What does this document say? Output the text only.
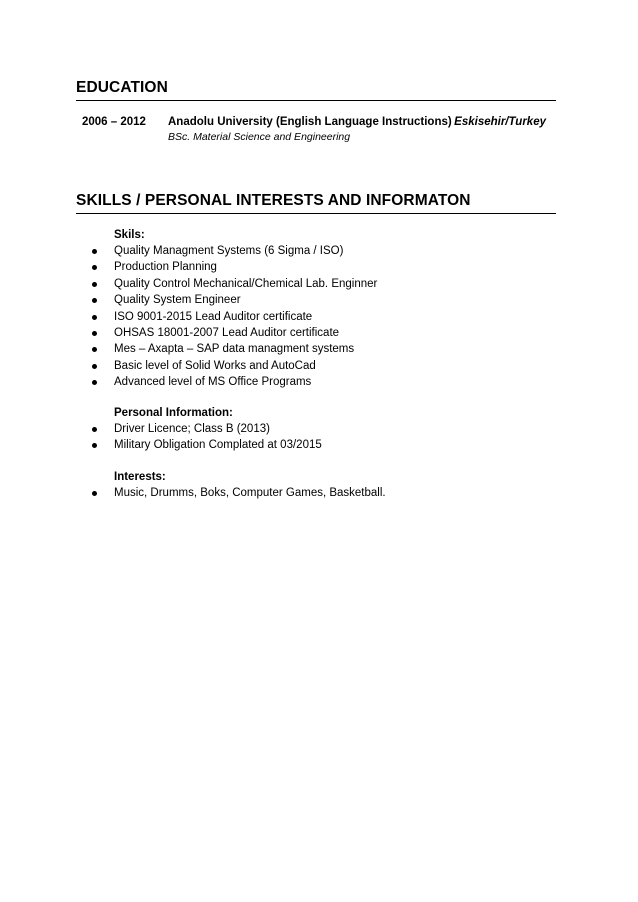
EDUCATION
2006 – 2012 Anadolu University (English Language Instructions) Eskisehir/Turkey
BSc. Material Science and Engineering
SKILLS / PERSONAL INTERESTS AND INFORMATON
Skils:
Quality Managment Systems (6 Sigma / ISO)
Production Planning
Quality Control Mechanical/Chemical Lab. Enginner
Quality System Engineer
ISO 9001-2015 Lead Auditor certificate
OHSAS 18001-2007 Lead Auditor certificate
Mes – Axapta – SAP data managment systems
Basic level of Solid Works and AutoCad
Advanced level of MS Office Programs
Personal Information:
Driver Licence; Class B (2013)
Military Obligation Complated at 03/2015
Interests:
Music, Drumms, Boks, Computer Games, Basketball.
